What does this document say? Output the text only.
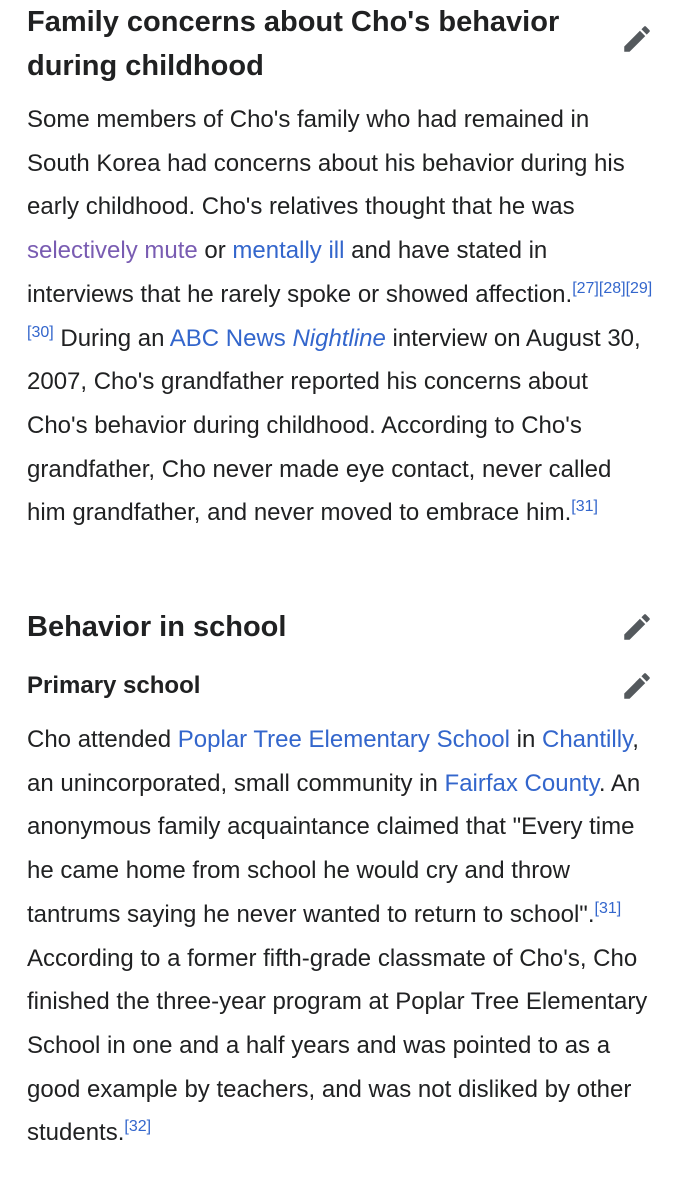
Family concerns about Cho's behavior during childhood

Some members of Cho's family who had remained in South Korea had concerns about his behavior during his early childhood. Cho's relatives thought that he was selectively mute or mentally ill and have stated in interviews that he rarely spoke or showed affection.[27][28][29][30] During an ABC News Nightline interview on August 30, 2007, Cho's grandfather reported his concerns about Cho's behavior during childhood. According to Cho's grandfather, Cho never made eye contact, never called him grandfather, and never moved to embrace him.[31]

Behavior in school
Primary school

Cho attended Poplar Tree Elementary School in Chantilly, an unincorporated, small community in Fairfax County. An anonymous family acquaintance claimed that "Every time he came home from school he would cry and throw tantrums saying he never wanted to return to school".[31] According to a former fifth-grade classmate of Cho's, Cho finished the three-year program at Poplar Tree Elementary School in one and a half years and was pointed to as a good example by teachers, and was not disliked by other students.[32]
